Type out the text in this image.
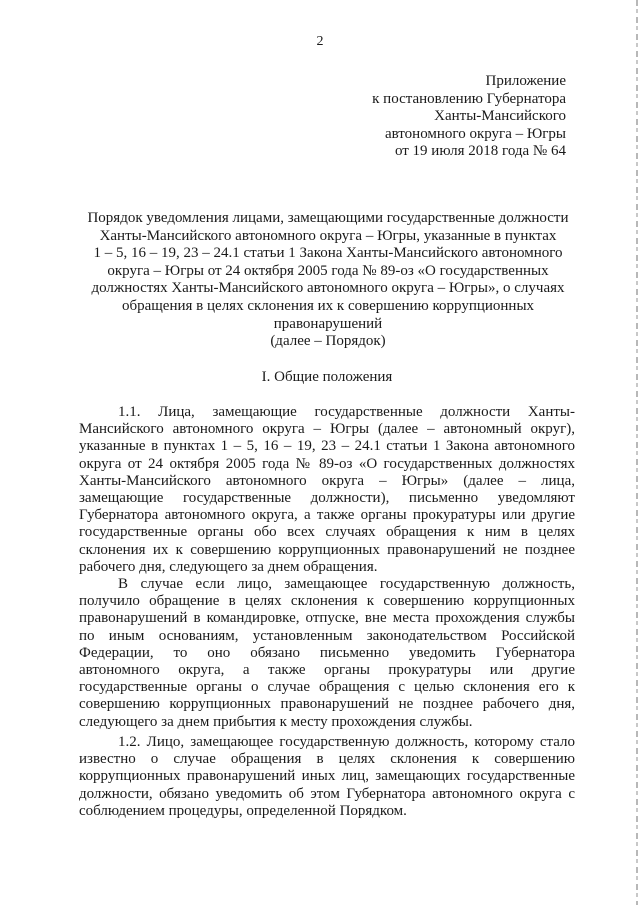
2
Приложение
к постановлению Губернатора
Ханты-Мансийского
автономного округа – Югры
от 19 июля 2018 года № 64
Порядок уведомления лицами, замещающими государственные должности
Ханты-Мансийского автономного округа – Югры, указанные в пунктах
1 – 5, 16 – 19, 23 – 24.1 статьи 1 Закона Ханты-Мансийского автономного
округа – Югры от 24 октября 2005 года № 89-оз «О государственных
должностях Ханты-Мансийского автономного округа – Югры», о случаях
обращения в целях склонения их к совершению коррупционных
правонарушений
(далее – Порядок)
I. Общие положения
1.1. Лица, замещающие государственные должности Ханты-
Мансийского автономного округа – Югры (далее – автономный округ),
указанные в пунктах 1 – 5, 16 – 19, 23 – 24.1 статьи 1 Закона автономного
округа от 24 октября 2005 года № 89-оз «О государственных должностях
Ханты-Мансийского автономного округа – Югры» (далее – лица,
замещающие государственные должности), письменно уведомляют
Губернатора автономного округа, а также органы прокуратуры или другие
государственные органы обо всех случаях обращения к ним в целях
склонения их к совершению коррупционных правонарушений не позднее
рабочего дня, следующего за днем обращения.
В случае если лицо, замещающее государственную должность,
получило обращение в целях склонения к совершению коррупционных
правонарушений в командировке, отпуске, вне места прохождения службы
по иным основаниям, установленным законодательством Российской
Федерации, то оно обязано письменно уведомить Губернатора
автономного округа, а также органы прокуратуры или другие
государственные органы о случае обращения с целью склонения его к
совершению коррупционных правонарушений не позднее рабочего дня,
следующего за днем прибытия к месту прохождения службы.
1.2. Лицо, замещающее государственную должность, которому стало
известно о случае обращения в целях склонения к совершению
коррупционных правонарушений иных лиц, замещающих государственные
должности, обязано уведомить об этом Губернатора автономного округа с
соблюдением процедуры, определенной Порядком.
